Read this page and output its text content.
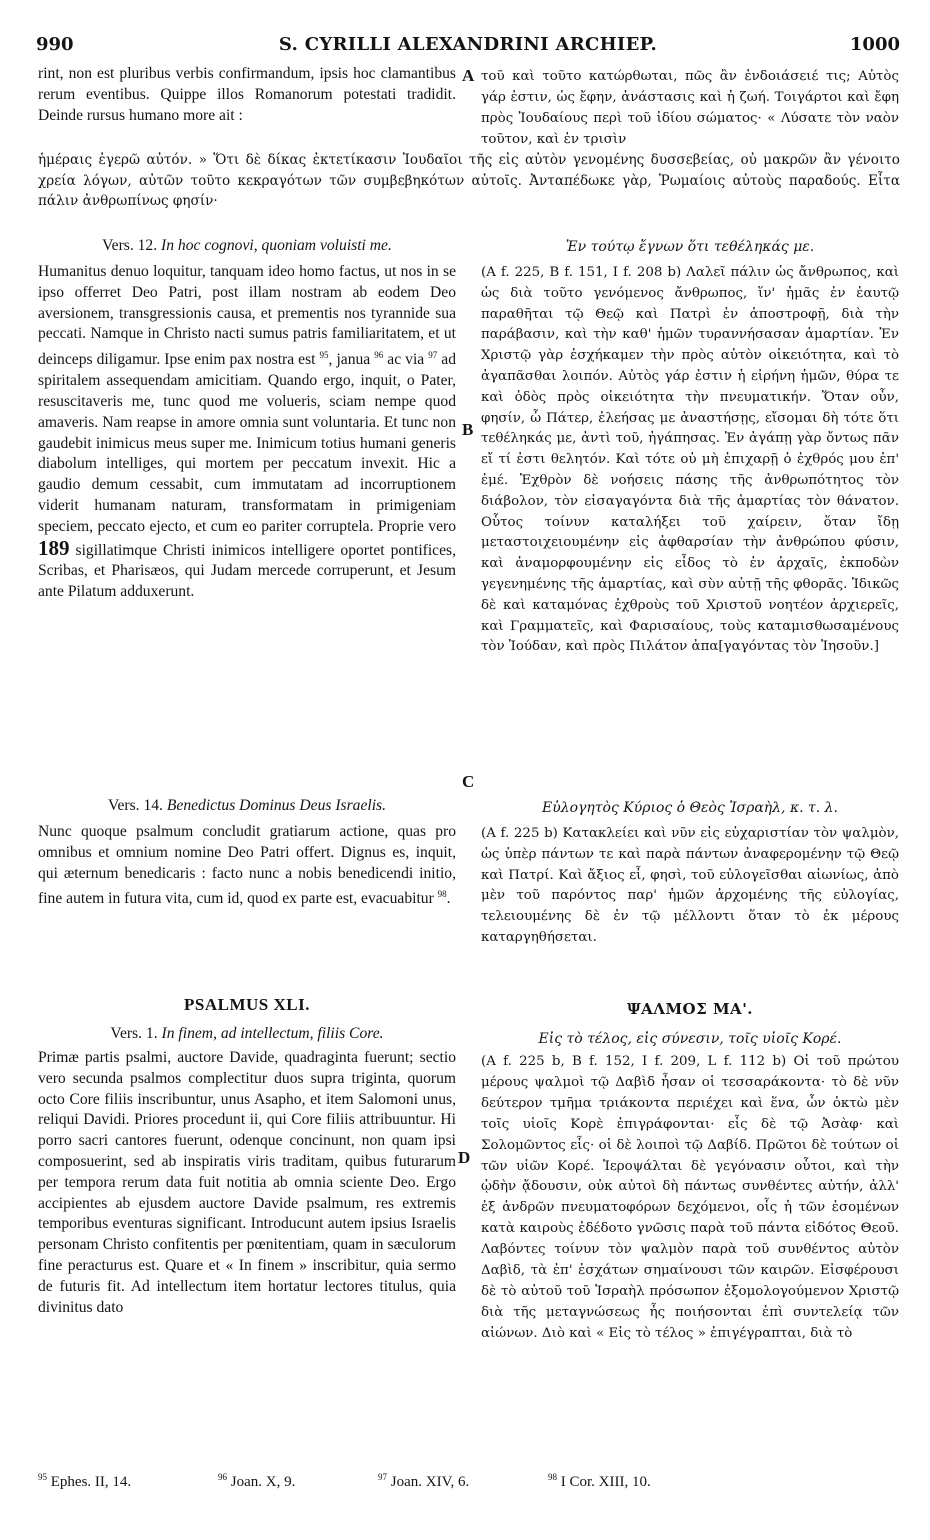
990	S. CYRILLI ALEXANDRINI ARCHIEP.	1000

rint, non est pluribus verbis confirmandum, ipsis hoc clamantibus rerum eventibus. Quippe illos Romanorum potestati tradidit. Deinde rursus humano more ait :

A τοῦ καὶ τοῦτο κατώρθωται, πῶς ἂν ἐνδοιάσειέ τις; Αὐτὸς γάρ ἐστιν, ὡς ἔφην, ἀνάστασις καὶ ἡ ζωή. Τοιγάρτοι καὶ ἔφη πρὸς Ἰουδαίους περὶ τοῦ ἰδίου σώματος· « Λύσατε τὸν ναὸν τοῦτον, καὶ ἐν τρισὶν

ἡμέραις ἐγερῶ αὐτόν. » Ὅτι δὲ δίκας ἐκτετίκασιν Ἰουδαῖοι τῆς εἰς αὐτὸν γενομένης δυσσεβείας, οὐ μακρῶν ἂν γένοιτο χρεία λόγων, αὐτῶν τοῦτο κεκραγότων τῶν συμβεβηκότων αὐτοῖς. Ἀνταπέδωκε γὰρ, Ῥωμαίοις αὐτοὺς παραδούς. Εἶτα πάλιν ἀνθρωπίνως φησίν·

Vers. 12. In hoc cognovi, quoniam voluisti me.	Ἐν τούτῳ ἔγνων ὅτι τεθέληκάς με.

Humanitus denuo loquitur, tanquam ideo homo factus, ut nos in se ipso offerret Deo Patri, post illam nostram ab eodem Deo aversionem, transgressionis causa, et prementis nos tyrannide sua peccati. Namque in Christo nacti sumus patris familiaritatem, et ut deinceps diligamur. Ipse enim pax nostra est $^{95}$, janua $^{96}$ ac via $^{97}$ ad spiritalem assequendam amicitiam. Quando ergo, inquit, o Pater, resuscitaveris me, tunc quod me volueris, sciam nempe quod amaveris. Nam reapse in amore omnia sunt voluntaria. Et tunc non gaudebit inimicus meus super me. Inimicum totius humani generis diabolum intelliges, qui mortem per peccatum invexit. Hic a gaudio demum cessabit, cum immutatam ad incorruptionem viderit humanam naturam, transformatam in primigeniam speciem, peccato ejecto, et cum eo pariter corruptela. Proprie vero 189 sigillatimque Christi inimicos intelligere oportet pontifices, Scribas, et Pharisæos, qui Judam mercede corruperunt, et Jesum ante Pilatum adduxerunt.

B

(A f. 225, B f. 151, I f. 208 b) Λαλεῖ πάλιν ὡς ἄνθρωπος, καὶ ὡς διὰ τοῦτο γενόμενος ἄνθρωπος, ἵν' ἡμᾶς ἐν ἑαυτῷ παραθῆται τῷ Θεῷ καὶ Πατρὶ ἐν ἀποστροφῇ, διὰ τὴν παράβασιν, καὶ τὴν καθ' ἡμῶν τυραννήσασαν ἁμαρτίαν. Ἐν Χριστῷ γὰρ ἐσχήκαμεν τὴν πρὸς αὐτὸν οἰκειότητα, καὶ τὸ ἀγαπᾶσθαι λοιπόν. Αὐτὸς γάρ ἐστιν ἡ εἰρήνη ἡμῶν, θύρα τε καὶ ὁδὸς πρὸς οἰκειότητα τὴν πνευματικήν. Ὅταν οὖν, φησίν, ὦ Πάτερ, ἐλεήσας με ἀναστήσῃς, εἴσομαι δὴ τότε ὅτι τεθέληκάς με, ἀντὶ τοῦ, ἠγάπησας. Ἐν ἀγάπῃ γὰρ ὄντως πᾶν εἴ τί ἐστι θελητόν. Καὶ τότε οὐ μὴ ἐπιχαρῇ ὁ ἐχθρός μου ἐπ' ἐμέ. Ἐχθρὸν δὲ νοήσεις πάσης τῆς ἀνθρωπότητος τὸν διάβολον, τὸν εἰσαγαγόντα διὰ τῆς ἁμαρτίας τὸν θάνατον. Οὗτος τοίνυν καταλήξει τοῦ χαίρειν, ὅταν ἴδῃ μεταστοιχειουμένην εἰς ἀφθαρσίαν τὴν ἀνθρώπου φύσιν, καὶ ἀναμορφουμένην εἰς εἶδος τὸ ἐν ἀρχαῖς, ἐκποδὼν γεγενημένης τῆς ἁμαρτίας, καὶ σὺν αὐτῇ τῆς φθορᾶς. Ἰδικῶς δὲ καὶ καταμόνας ἐχθροὺς τοῦ Χριστοῦ νοητέον ἀρχιερεῖς, καὶ Γραμματεῖς, καὶ Φαρισαίους, τοὺς καταμισθωσαμένους τὸν Ἰούδαν, καὶ πρὸς Πιλάτον ἀπα[γαγόντας τὸν Ἰησοῦν.]

C
Vers. 14. Benedictus Dominus Deus Israelis.	Εὐλογητὸς Κύριος ὁ Θεὸς Ἰσραὴλ, κ. τ. λ.

Nunc quoque psalmum concludit gratiarum actione, quas pro omnibus et omnium nomine Deo Patri offert. Dignus es, inquit, qui æternum benedicaris : facto nunc a nobis benedicendi initio, fine autem in futura vita, cum id, quod ex parte est, evacuabitur $^{98}$.

(A f. 225 b) Κατακλείει καὶ νῦν εἰς εὐχαριστίαν τὸν ψαλμὸν, ὡς ὑπὲρ πάντων τε καὶ παρὰ πάντων ἀναφερομένην τῷ Θεῷ καὶ Πατρί. Καὶ ἄξιος εἶ, φησὶ, τοῦ εὐλογεῖσθαι αἰωνίως, ἀπὸ μὲν τοῦ παρόντος παρ' ἡμῶν ἀρχομένης τῆς εὐλογίας, τελειουμένης δὲ ἐν τῷ μέλλοντι ὅταν τὸ ἐκ μέρους καταργηθήσεται.

PSALMUS XLI.	ΨΑΛΜΟΣ ΜΑ'.
Vers. 1. In finem, ad intellectum, filiis Core.	Εἰς τὸ τέλος, εἰς σύνεσιν, τοῖς υἱοῖς Κορέ.

Primæ partis psalmi, auctore Davide, quadraginta fuerunt; sectio vero secunda psalmos complectitur duos supra triginta, quorum octo Core filiis inscribuntur, unus Asapho, et item Salomoni unus, reliqui Davidi. Priores procedunt ii, qui Core filiis attribuuntur. Hi porro sacri cantores fuerunt, odenque concinunt, non quam ipsi composuerint, sed ab inspiratis viris traditam, quibus futurarum per tempora rerum data fuit notitia ab omnia sciente Deo. Ergo accipientes ab ejusdem auctore Davide psalmum, res extremis temporibus eventuras significant. Introducunt autem ipsius Israelis personam Christo confitentis per pœnitentiam, quam in sæculorum fine peracturus est. Quare et « In finem » inscribitur, quia sermo de futuris fit. Ad intellectum item hortatur lectores titulus, quia divinitus dato

D

(A f. 225 b, B f. 152, I f. 209, L f. 112 b) Οἱ τοῦ πρώτου μέρους ψαλμοὶ τῷ Δαβὶδ ἦσαν οἱ τεσσαράκοντα· τὸ δὲ νῦν δεύτερον τμῆμα τριάκοντα περιέχει καὶ ἕνα, ὧν ὀκτὼ μὲν τοῖς υἱοῖς Κορὲ ἐπιγράφονται· εἷς δὲ τῷ Ἀσὰφ· καὶ Σολομῶντος εἷς· οἱ δὲ λοιποὶ τῷ Δαβίδ. Πρῶτοι δὲ τούτων οἱ τῶν υἱῶν Κορέ. Ἱεροψάλται δὲ γεγόνασιν οὗτοι, καὶ τὴν ᾠδὴν ᾄδουσιν, οὐκ αὐτοὶ δὴ πάντως συνθέντες αὐτήν, ἀλλ' ἐξ ἀνδρῶν πνευματοφόρων δεχόμενοι, οἷς ἡ τῶν ἐσομένων κατὰ καιροὺς ἐδέδοτο γνῶσις παρὰ τοῦ πάντα εἰδότος Θεοῦ. Λαβόντες τοίνυν τὸν ψαλμὸν παρὰ τοῦ συνθέντος αὐτὸν Δαβὶδ, τὰ ἐπ' ἐσχάτων σημαίνουσι τῶν καιρῶν. Εἰσφέρουσι δὲ τὸ αὐτοῦ τοῦ Ἰσραὴλ πρόσωπον ἐξομολογούμενον Χριστῷ διὰ τῆς μεταγνώσεως ἧς ποιήσονται ἐπὶ συντελείᾳ τῶν αἰώνων. Διὸ καὶ « Εἰς τὸ τέλος » ἐπιγέγραπται, διὰ τὸ

$^{95}$ Ephes. II, 14.	$^{96}$ Joan. X, 9.	$^{97}$ Joan. XIV, 6.	$^{98}$ I Cor. XIII, 10.
